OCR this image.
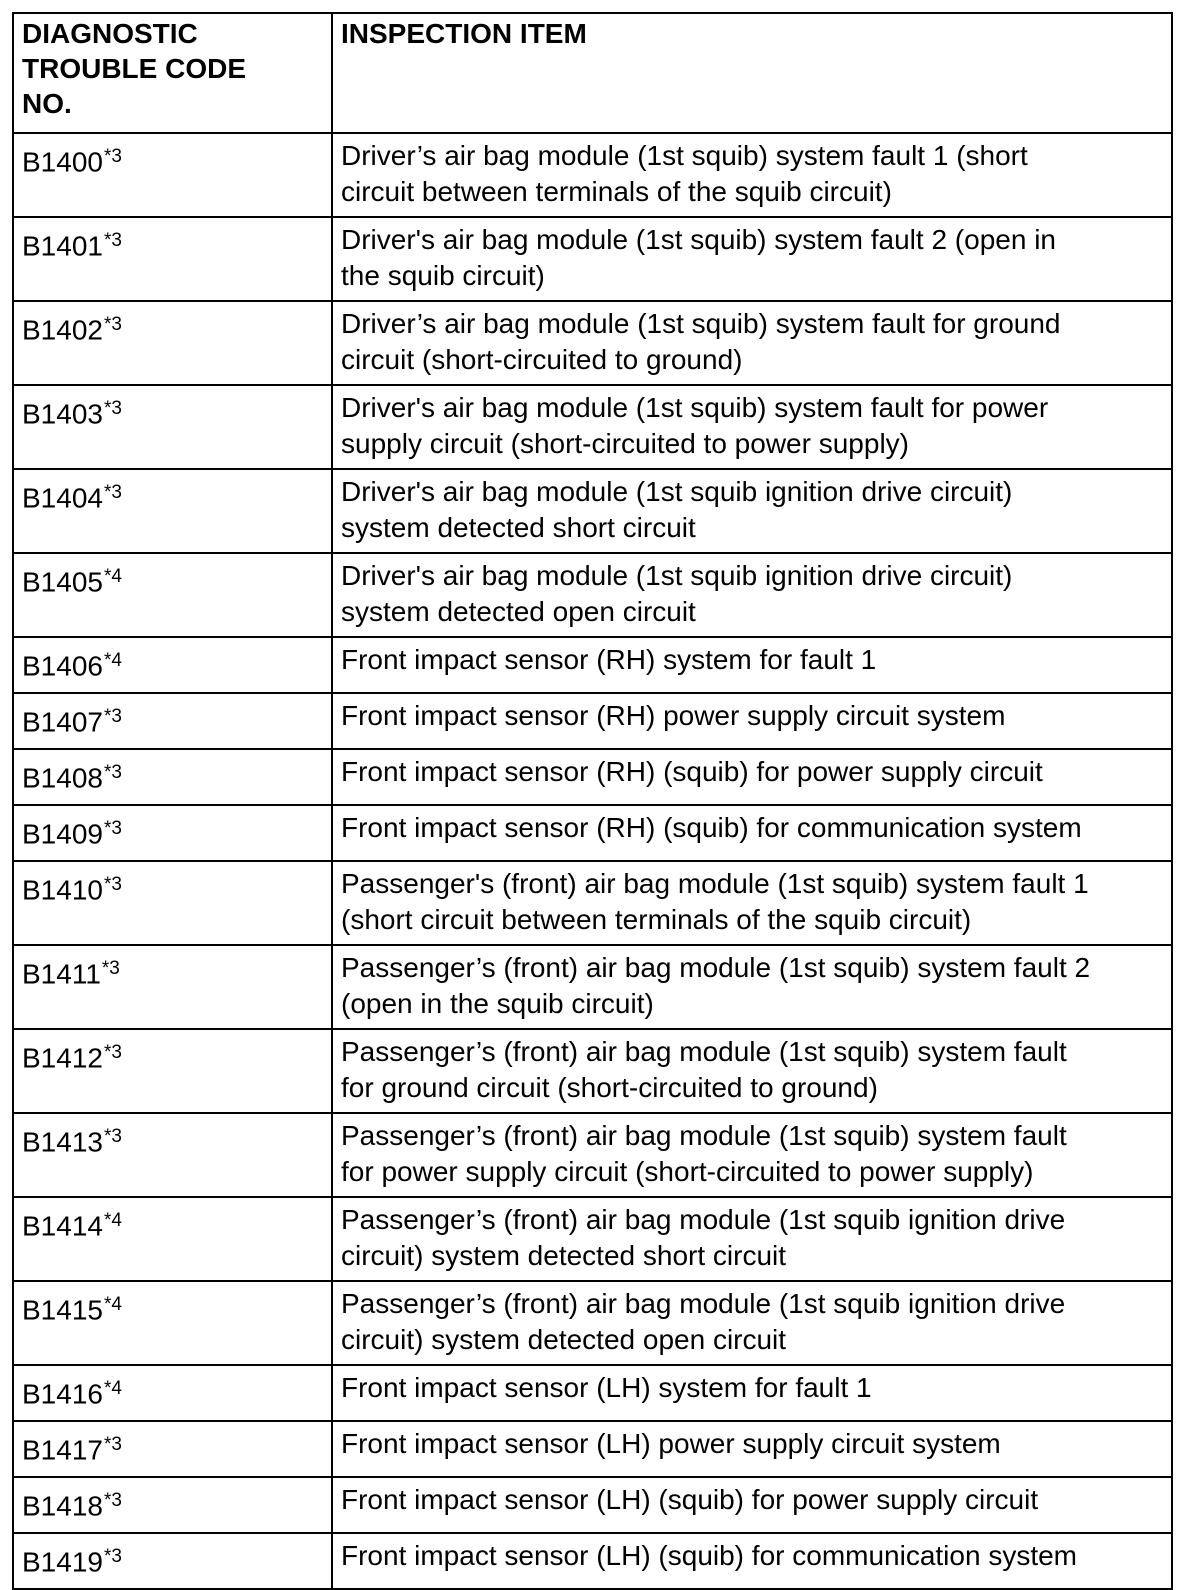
DIAGNOSTIC
TROUBLE CODE
NO.	INSPECTION ITEM
B1400$^{*3}$	Driver’s air bag module (1st squib) system fault 1 (short
circuit between terminals of the squib circuit)
B1401$^{*3}$	Driver's air bag module (1st squib) system fault 2 (open in
the squib circuit)
B1402$^{*3}$	Driver’s air bag module (1st squib) system fault for ground
circuit (short-circuited to ground)
B1403$^{*3}$	Driver's air bag module (1st squib) system fault for power
supply circuit (short-circuited to power supply)
B1404$^{*3}$	Driver's air bag module (1st squib ignition drive circuit)
system detected short circuit
B1405$^{*4}$	Driver's air bag module (1st squib ignition drive circuit)
system detected open circuit
B1406$^{*4}$	Front impact sensor (RH) system for fault 1
B1407$^{*3}$	Front impact sensor (RH) power supply circuit system
B1408$^{*3}$	Front impact sensor (RH) (squib) for power supply circuit
B1409$^{*3}$	Front impact sensor (RH) (squib) for communication system
B1410$^{*3}$	Passenger's (front) air bag module (1st squib) system fault 1
(short circuit between terminals of the squib circuit)
B1411$^{*3}$	Passenger’s (front) air bag module (1st squib) system fault 2
(open in the squib circuit)
B1412$^{*3}$	Passenger’s (front) air bag module (1st squib) system fault
for ground circuit (short-circuited to ground)
B1413$^{*3}$	Passenger’s (front) air bag module (1st squib) system fault
for power supply circuit (short-circuited to power supply)
B1414$^{*4}$	Passenger’s (front) air bag module (1st squib ignition drive
circuit) system detected short circuit
B1415$^{*4}$	Passenger’s (front) air bag module (1st squib ignition drive
circuit) system detected open circuit
B1416$^{*4}$	Front impact sensor (LH) system for fault 1
B1417$^{*3}$	Front impact sensor (LH) power supply circuit system
B1418$^{*3}$	Front impact sensor (LH) (squib) for power supply circuit
B1419$^{*3}$	Front impact sensor (LH) (squib) for communication system
